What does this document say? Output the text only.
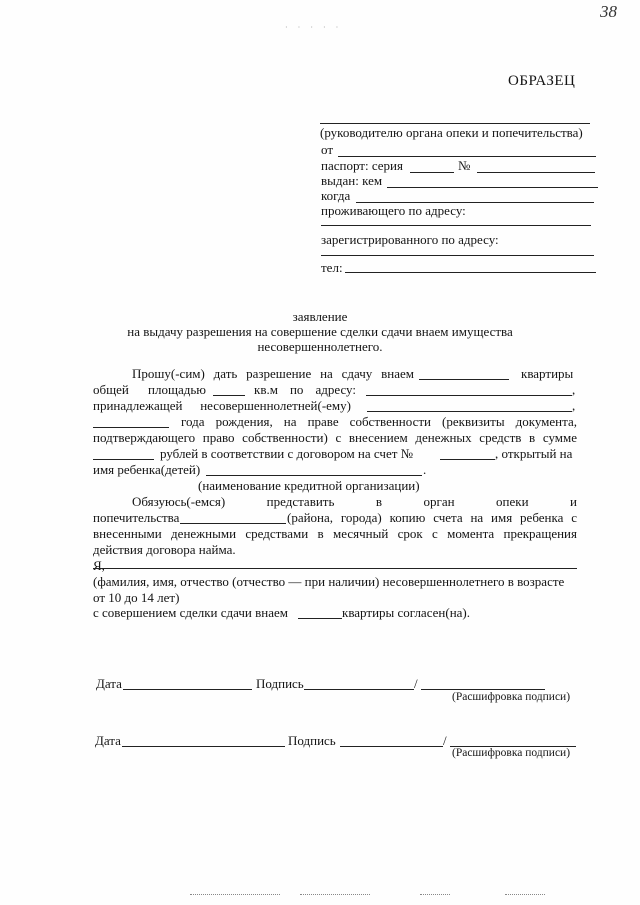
38
ОБРАЗЕЦ
(руководителю органа опеки и попечительства)
от
паспорт: серия	№
выдан: кем
когда
проживающего по адресу:
зарегистрированного по адресу:
тел:
заявление
на выдачу разрешения на совершение сделки сдачи внаем имущества
несовершеннолетнего.
Прошу(-сим) дать разрешение на сдачу внаем	квартиры
общей площадью	кв.м по адресу:	,
принадлежащей несовершеннолетней(-ему)	,
года рождения, на праве собственности (реквизиты документа,
подтверждающего право собственности) с внесением денежных средств в сумме
рублей в соответствии с договором на счет №	, открытый на
имя ребенка(детей)	.
(наименование кредитной организации)
Обязуюсь(-емся) представить в орган опеки и
попечительства	(района, города) копию счета на имя ребенка с
внесенными денежными средствами в месячный срок с момента прекращения
действия договора найма.
Я,
(фамилия, имя, отчество (отчество — при наличии) несовершеннолетнего в возрасте
от 10 до 14 лет)
с совершением сделки сдачи внаем	квартиры согласен(на).
Дата	Подпись	/
(Расшифровка подписи)
Дата	Подпись	/
(Расшифровка подписи)
· · · · ·
